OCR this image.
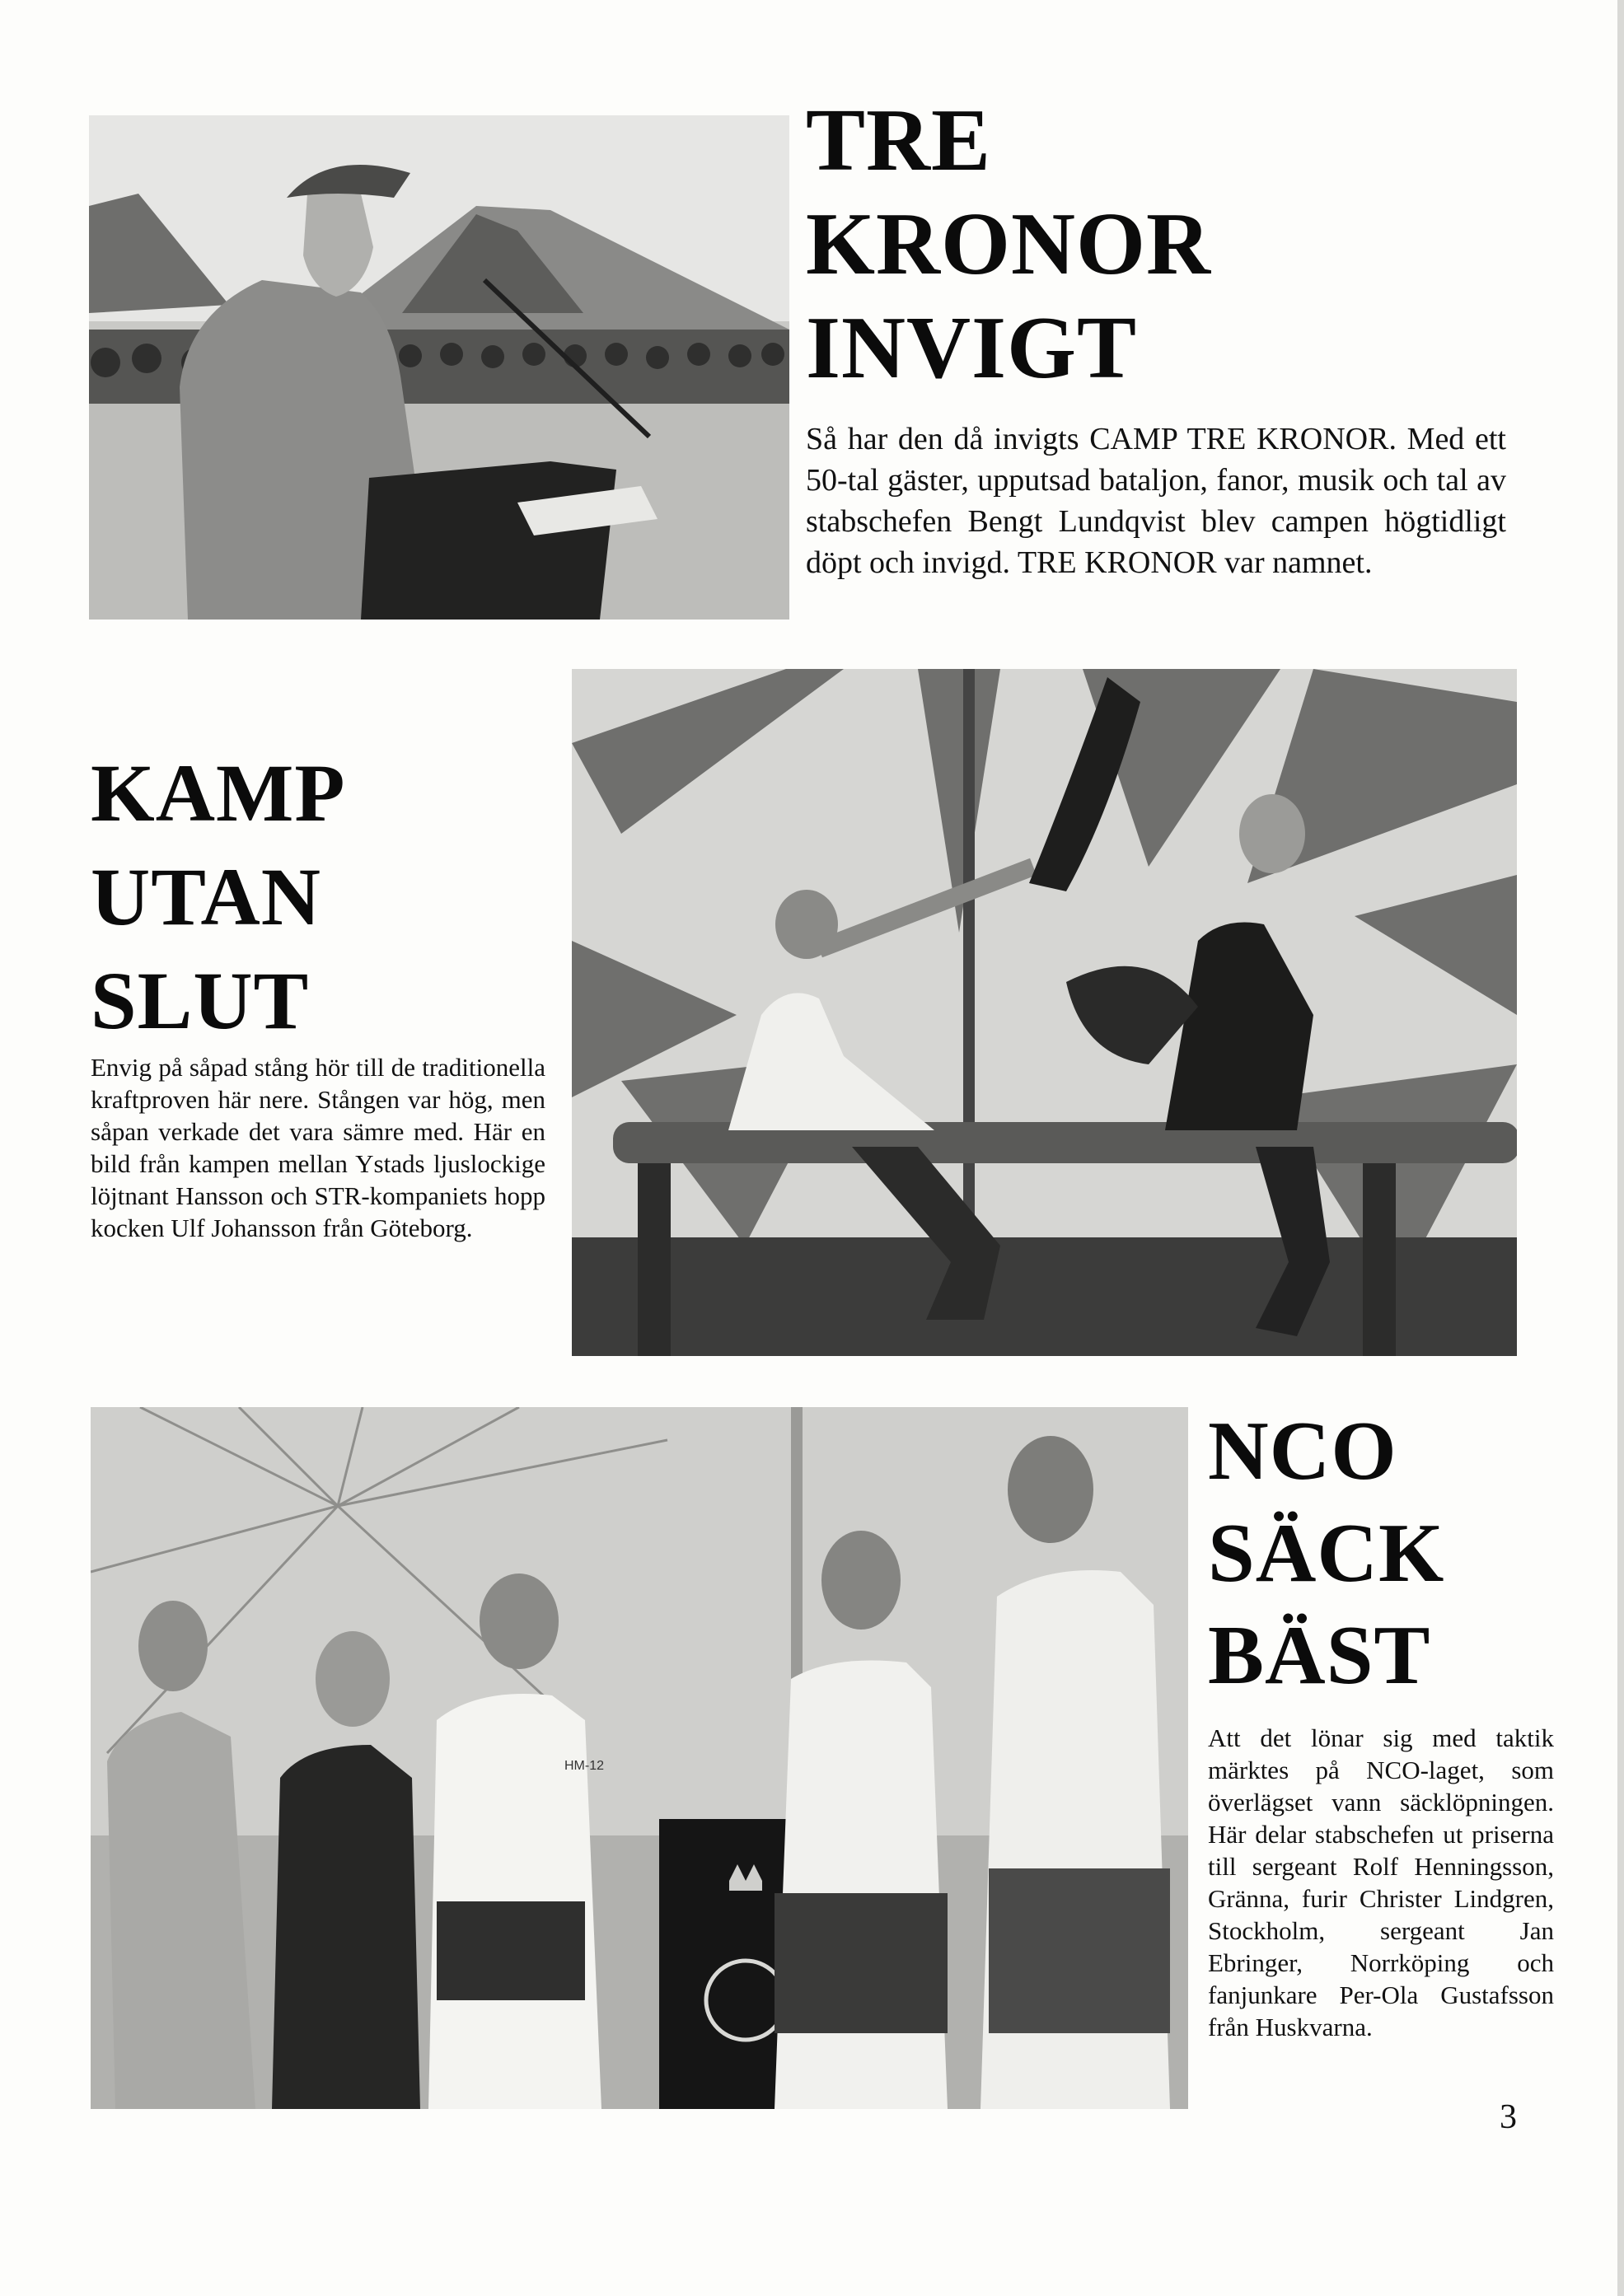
TRE
KRONOR
INVIGT

Så har den då invigts CAMP TRE KRONOR. Med ett 50-tal gäster, upputsad bataljon, fanor, musik och tal av stabschefen Bengt Lundqvist blev campen högtidligt döpt och invigd. TRE KRONOR var namnet.

KAMP
UTAN
SLUT

Envig på såpad stång hör till de traditionella kraftproven här nere. Stången var hög, men såpan verkade det vara sämre med. Här en bild från kampen mellan Ystads ljuslockige löjtnant Hansson och STR-kompaniets hopp kocken Ulf Johansson från Göteborg.

HM-12
NCO
SÄCK
BÄST

Att det lönar sig med taktik märktes på NCO-laget, som överlägset vann säcklöpningen. Här delar stabschefen ut priserna till sergeant Rolf Henningsson, Gränna, furir Christer Lindgren, Stockholm, sergeant Jan Ebringer, Norrköping och fanjunkare Per-Ola Gustafsson från Huskvarna.

3
